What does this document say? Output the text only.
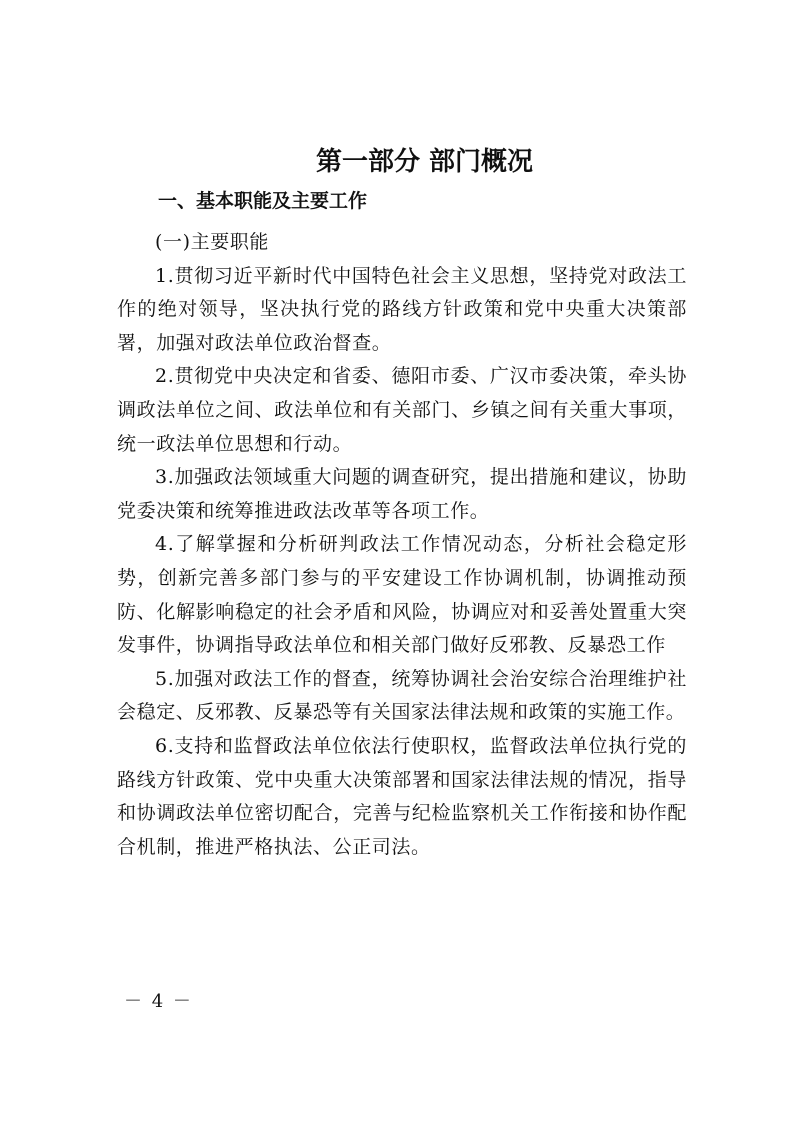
第一部分 部门概况
一、基本职能及主要工作

(一)主要职能

1.贯彻习近平新时代中国特色社会主义思想，坚持党对政法工作的绝对领导，坚决执行党的路线方针政策和党中央重大决策部署，加强对政法单位政治督查。

2.贯彻党中央决定和省委、德阳市委、广汉市委决策，牵头协调政法单位之间、政法单位和有关部门、乡镇之间有关重大事项，统一政法单位思想和行动。

3.加强政法领域重大问题的调查研究，提出措施和建议，协助党委决策和统筹推进政法改革等各项工作。

4.了解掌握和分析研判政法工作情况动态，分析社会稳定形势，创新完善多部门参与的平安建设工作协调机制，协调推动预防、化解影响稳定的社会矛盾和风险，协调应对和妥善处置重大突发事件，协调指导政法单位和相关部门做好反邪教、反暴恐工作

5.加强对政法工作的督查，统筹协调社会治安综合治理维护社会稳定、反邪教、反暴恐等有关国家法律法规和政策的实施工作。

6.支持和监督政法单位依法行使职权，监督政法单位执行党的路线方针政策、党中央重大决策部署和国家法律法规的情况，指导和协调政法单位密切配合，完善与纪检监察机关工作衔接和协作配合机制，推进严格执法、公正司法。

－ 4 －
